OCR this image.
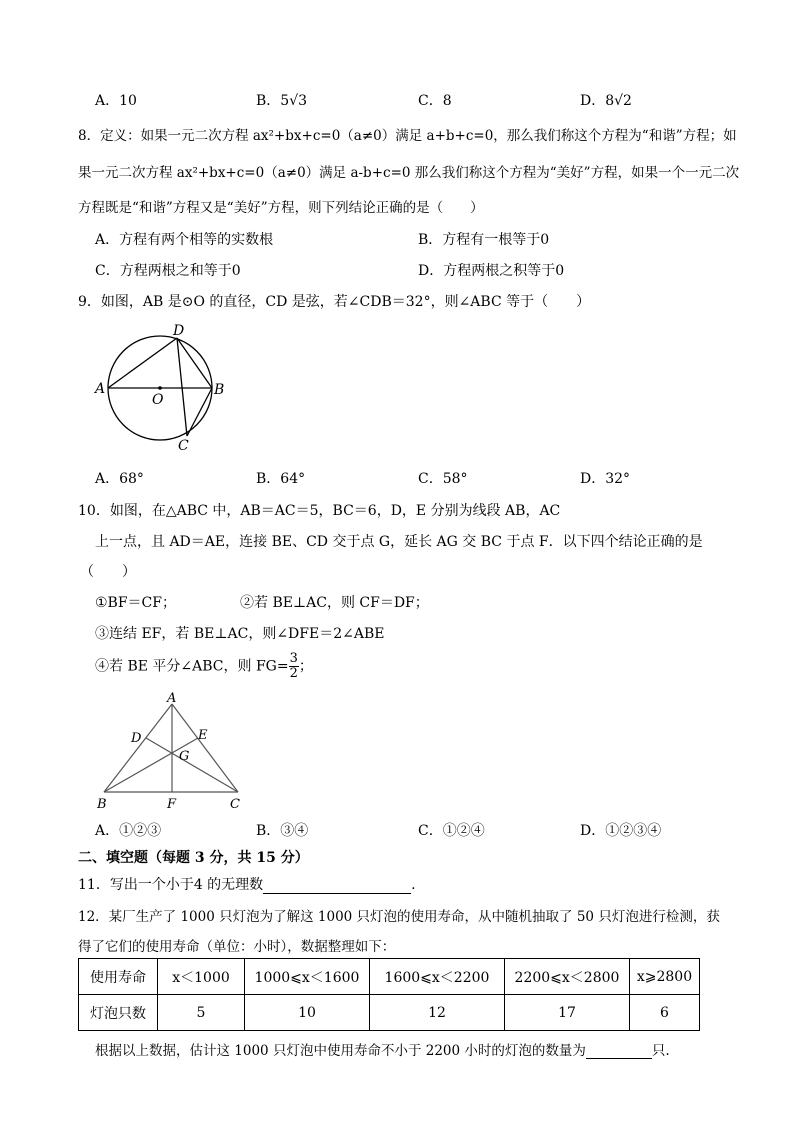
A．10	B．5√3	C．8	D．8√2
8．定义：如果一元二次方程 ax²+bx+c=0（a≠0）满足 a+b+c=0，那么我们称这个方程为“和谐”方程；如
果一元二次方程 ax²+bx+c=0（a≠0）满足 a-b+c=0 那么我们称这个方程为“美好”方程，如果一个一元二次
方程既是“和谐”方程又是“美好”方程，则下列结论正确的是（　　）
A．方程有两个相等的实数根	B．方程有一根等于0
C．方程两根之和等于0	D．方程两根之积等于0
9．如图，AB 是⊙O 的直径，CD 是弦，若∠CDB＝32°，则∠ABC 等于（　　）
A	B
D
C
O
A．68°	B．64°	C．58°	D．32°
10．如图，在△ABC 中，AB＝AC＝5，BC＝6，D，E 分别为线段 AB，AC
上一点，且 AD＝AE，连接 BE、CD 交于点 G，延长 AG 交 BC 于点 F．以下四个结论正确的是
（　　）
①BF＝CF；	②若 BE⊥AC，则 CF＝DF；
③连结 EF，若 BE⊥AC，则∠DFE＝2∠ABE
④若 BE 平分∠ABC，则 $FG= \frac{3}{2}$ ；
A
B	C
D	E
F
G
A．①②③	B．③④	C．①②④	D．①②③④
二、填空题（每题 3 分，共 15 分）
11．写出一个小于4 的无理数	.
12．某厂生产了 1000 只灯泡为了解这 1000 只灯泡的使用寿命，从中随机抽取了 50 只灯泡进行检测，获
得了它们的使用寿命（单位：小时），数据整理如下：
使用寿命	x＜1000	1000⩽x＜1600	1600⩽x＜2200	2200⩽x＜2800	x⩾2800
灯泡只数	5	10	12	17	6
根据以上数据，估计这 1000 只灯泡中使用寿命不小于 2200 小时的灯泡的数量为	只.
